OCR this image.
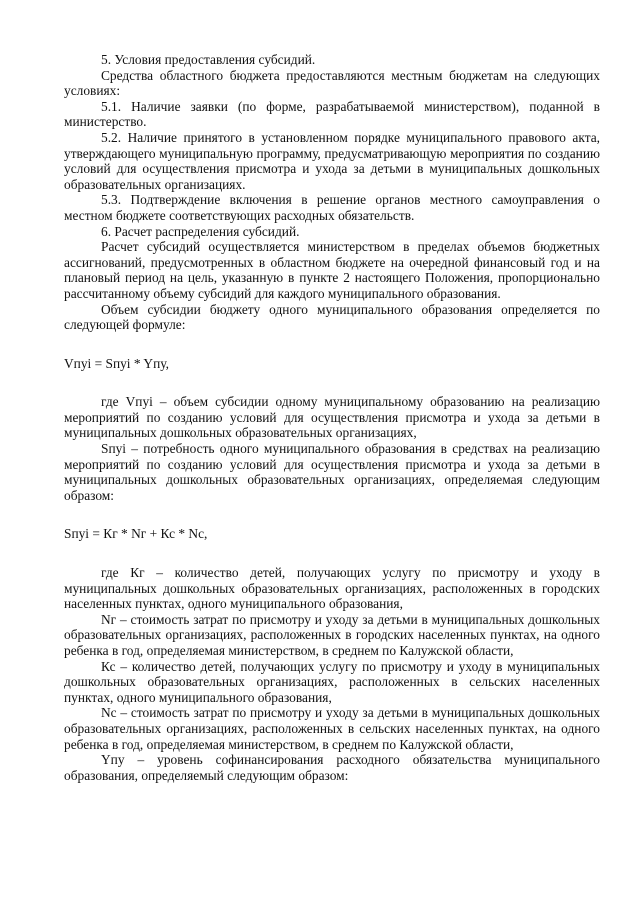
5. Условия предоставления субсидий.

Средства областного бюджета предоставляются местным бюджетам на следующих условиях:

5.1. Наличие заявки (по форме, разрабатываемой министерством), поданной в министерство.

5.2. Наличие принятого в установленном порядке муниципального правового акта, утверждающего муниципальную программу, предусматривающую мероприятия по созданию условий для осуществления присмотра и ухода за детьми в муниципальных дошкольных образовательных организациях.

5.3. Подтверждение включения в решение органов местного самоуправления о местном бюджете соответствующих расходных обязательств.

6. Расчет распределения субсидий.

Расчет субсидий осуществляется министерством в пределах объемов бюджетных ассигнований, предусмотренных в областном бюджете на очередной финансовый год и на плановый период на цель, указанную в пункте 2 настоящего Положения, пропорционально рассчитанному объему субсидий для каждого муниципального образования.

Объем субсидии бюджету одного муниципального образования определяется по следующей формуле:

Vпуi = Sпуi * Yпу,

где Vпуi – объем субсидии одному муниципальному образованию на реализацию мероприятий по созданию условий для осуществления присмотра и ухода за детьми в муниципальных дошкольных образовательных организациях,

Sпуi – потребность одного муниципального образования в средствах на реализацию мероприятий по созданию условий для осуществления присмотра и ухода за детьми в муниципальных дошкольных образовательных организациях, определяемая следующим образом:

Sпуi = Кг * Nг + Кс * Nс,

где Кг – количество детей, получающих услугу по присмотру и уходу в муниципальных дошкольных образовательных организациях, расположенных в городских населенных пунктах, одного муниципального образования,

Nг – стоимость затрат по присмотру и уходу за детьми в муниципальных дошкольных образовательных организациях, расположенных в городских населенных пунктах, на одного ребенка в год, определяемая министерством, в среднем по Калужской области,

Кс – количество детей, получающих услугу по присмотру и уходу в муниципальных дошкольных образовательных организациях, расположенных в сельских населенных пунктах, одного муниципального образования,

Nс – стоимость затрат по присмотру и уходу за детьми в муниципальных дошкольных образовательных организациях, расположенных в сельских населенных пунктах, на одного ребенка в год, определяемая министерством, в среднем по Калужской области,

Yпу – уровень софинансирования расходного обязательства муниципального образования, определяемый следующим образом:
